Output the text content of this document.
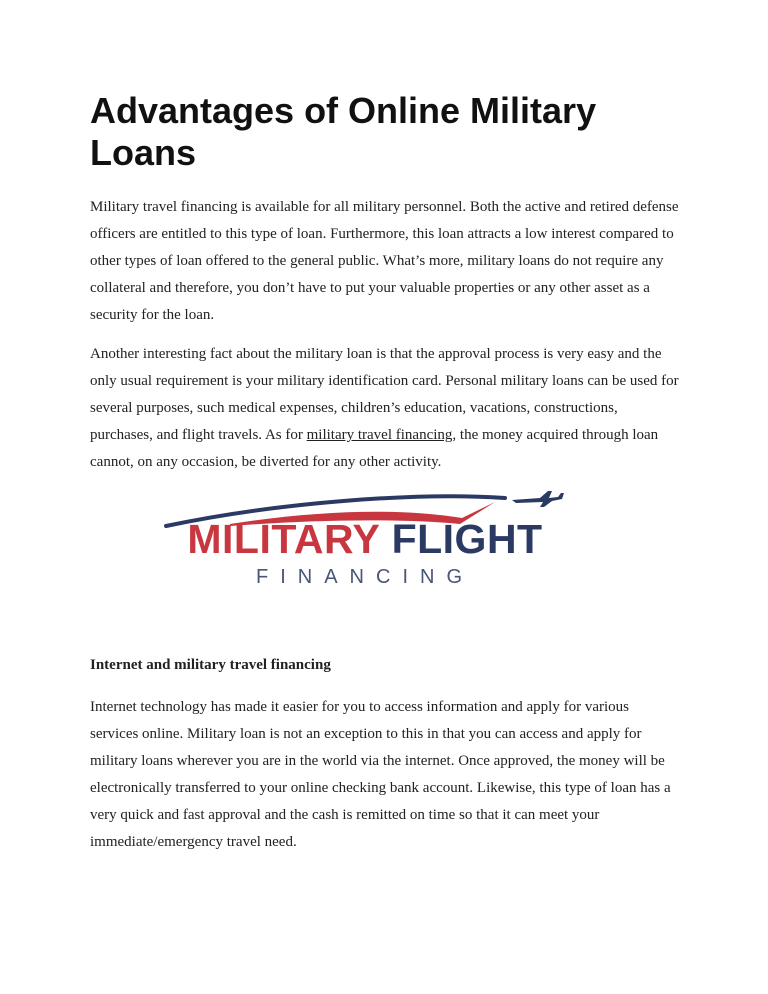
Advantages of Online Military Loans

Military travel financing is available for all military personnel. Both the active and retired defense officers are entitled to this type of loan. Furthermore, this loan attracts a low interest compared to other types of loan offered to the general public. What’s more, military loans do not require any collateral and therefore, you don’t have to put your valuable properties or any other asset as a security for the loan.

Another interesting fact about the military loan is that the approval process is very easy and the only usual requirement is your military identification card. Personal military loans can be used for several purposes, such medical expenses, children’s education, vacations, constructions, purchases, and flight travels. As for military travel financing, the money acquired through loan cannot, on any occasion, be diverted for any other activity.

MILITARY FLIGHT
FINANCING
Internet and military travel financing

Internet technology has made it easier for you to access information and apply for various services online. Military loan is not an exception to this in that you can access and apply for military loans wherever you are in the world via the internet. Once approved, the money will be electronically transferred to your online checking bank account. Likewise, this type of loan has a very quick and fast approval and the cash is remitted on time so that it can meet your immediate/emergency travel need.
